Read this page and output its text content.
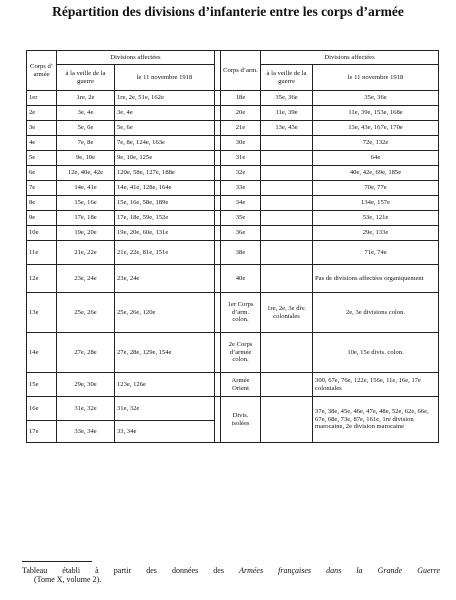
Répartition des divisions d’infanterie entre les corps d’armée
Corps d’ armée	Divisions affectées			Corps d’arm.	Divisions affectées	
	à la veille de la guerre	le 11 novembre 1918			à la veille de la guerre	le 11 novembre 1918
1er	1re, 2e	1re, 2e, 51e, 162e		18e	35e, 36e	35e, 36e
2e	3e, 4e	3e, 4e		20e	11e, 39e	11e, 39e, 153e, 168e
3e	5e, 6e	5e, 6e		21e	13e, 43e	13e, 43e, 167e, 170e
4e	7e, 8e	7e, 8e, 124e, 163e		30e		72e, 132e
5e	9e, 10e	9e, 10e, 125e		31e		64e
6e	12e, 40e, 42e	120e, 58e, 127e, 188e		32e		40e, 42e, 69e, 185e
7e	14e, 41e	14e, 41e, 128e, 164e		33e		70e, 77e
8e	15e, 16e	15e, 16e, 58e, 189e		34e		134e, 157e
9e	17e, 18e	17e, 18e, 59e, 152e		35e		53e, 121e
10e	19e, 20e	19e, 20e, 60e, 131e		36e		29e, 133e
11e	21e, 22e	21e, 22e, 81e, 151e		38e		71e, 74e
12e	23e, 24e	23e, 24e		40e		Pas de divisions affectées organiquement
13e	25e, 26e	25e, 26e, 120e		1er Corps d’arm. colon.	1re, 2e, 3e div. coloniales	2e, 3e divisions colon.
14e	27e, 28e	27e, 28e, 129e, 154e		2e Corps d’armée colon.		10e, 15e divis. colon.
15e	29e, 30e	123e, 126e		Armée Orient		300, 67e, 76e, 122e, 156e, 11e, 16e, 17e coloniales
16e	31e, 32e	31e, 32e		Divis. isolées		37e, 38e, 45e, 46e, 47e, 48e, 52e, 62e, 66e, 67e, 68e, 73e, 87e, 161e, 1re division marocaine, 2e division marocaine
17e	33e, 34e	33, 34e				
Tableau établi à partir des données des Armées françaises dans la Grande Guerre
(Tome X, volume 2).
